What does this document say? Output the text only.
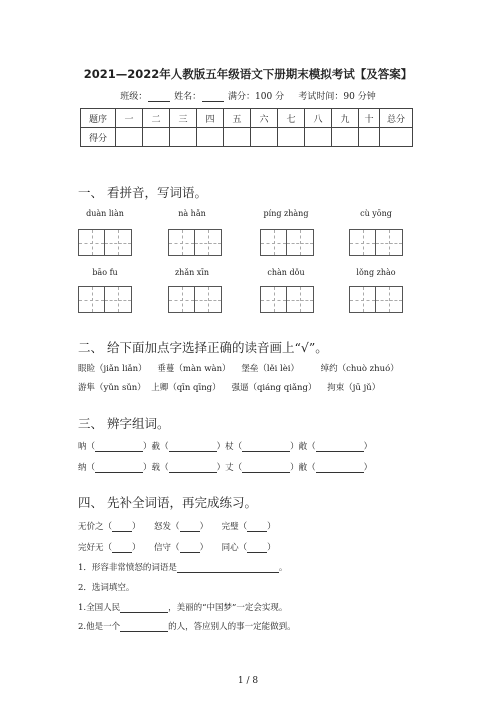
2021—2022年人教版五年级语文下册期末模拟考试【及答案】
班级：	姓名：	满分：100 分 考试时间：90 分钟
题序	一	二	三	四	五	六	七	八	九	十	总分
得分											
一、 看拼音，写词语。
duàn liàn	nà hǎn	píng zhàng	cù yōng
bāo fu	zhǎn xīn	chàn dǒu	lǒng zhào
二、 给下面加点字选择正确的读音画上“√”。
眼睑（jiǎn liǎn） 垂蔓（màn wàn） 堡垒（lěi lèi）	绰约（chuò zhuó）
游隼（yǔn sǔn） 上卿（qīn qīng） 强逼（qiáng qiǎng） 拘束（jū jǔ）
三、 辨字组词。
呐（	）截（	）杖（	）敞（	）
纳（	）载（	）丈（	）敝（	）
四、 先补全词语，再完成练习。
无价之（ ） 怒发（ ） 完璧（ ）
完好无（ ） 信守（ ） 同心（ ）
1．形容非常愤怒的词语是	。
2．选词填空。
1.全国人民	，美丽的“中国梦”一定会实现。
2.他是一个	的人，答应别人的事一定能做到。
1 / 8
